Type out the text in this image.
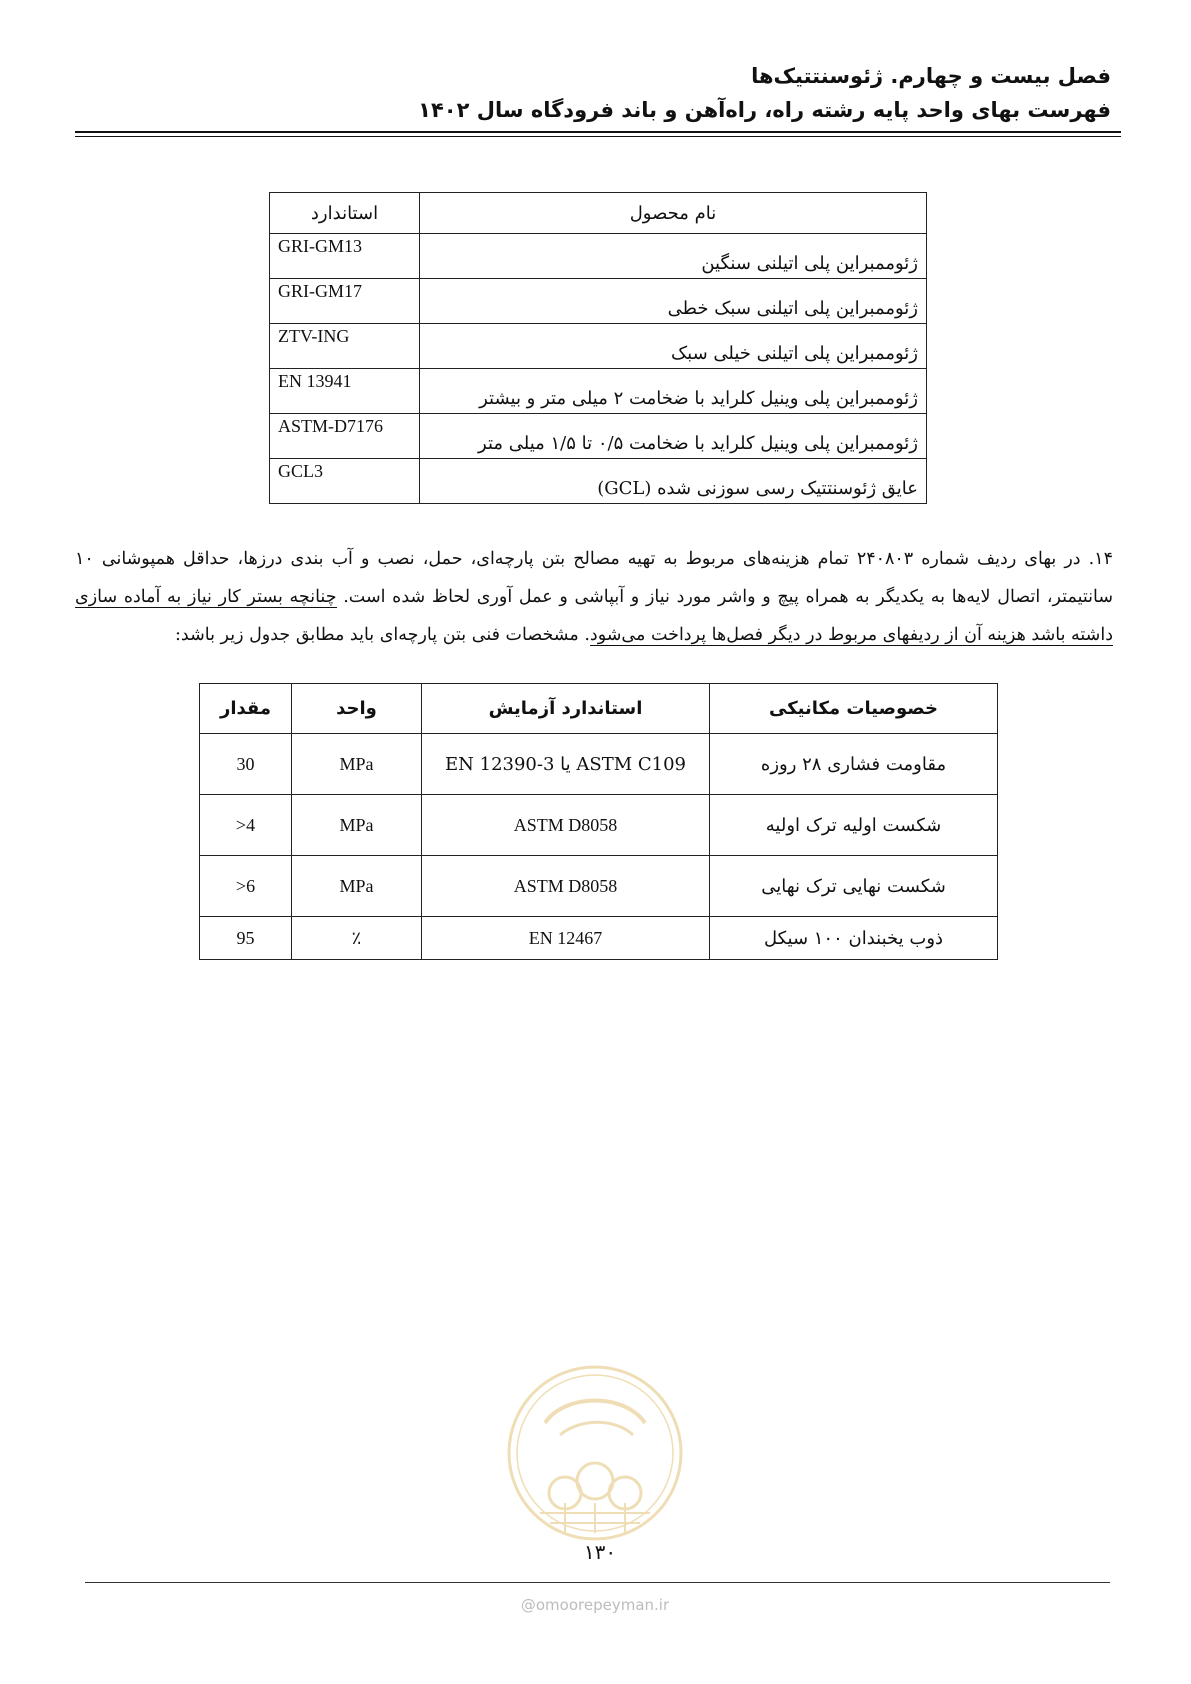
فصل بیست و چهارم. ژئوسنتتیک‌ها
فهرست بهای واحد پایه رشته راه، راه‌آهن و باند فرودگاه سال ۱۴۰۲
نام محصول	استاندارد
ژئوممبراین پلی اتیلنی سنگین	GRI-GM13
ژئوممبراین پلی اتیلنی سبک خطی	GRI-GM17
ژئوممبراین پلی اتیلنی خیلی سبک	ZTV-ING
ژئوممبراین پلی وینیل کلراید با ضخامت ۲ میلی متر و بیشتر	EN 13941
ژئوممبراین پلی وینیل کلراید با ضخامت ۰/۵ تا ۱/۵ میلی متر	ASTM-D7176
عایق ژئوسنتتیک رسی سوزنی شده (GCL)	GCL3

۱۴. در بهای ردیف شماره ۲۴۰۸۰۳ تمام هزینه‌های مربوط به تهیه مصالح بتن پارچه‌ای، حمل، نصب و آب بندی درزها، حداقل همپوشانی ۱۰ سانتیمتر، اتصال لایه‌ها به یکدیگر به همراه پیچ و واشر مورد نیاز و آبپاشی و عمل آوری لحاظ شده است. چنانچه بستر کار نیاز به آماده سازی داشته باشد هزینه آن از ردیفهای مربوط در دیگر فصل‌ها پرداخت می‌شود. مشخصات فنی بتن پارچه‌ای باید مطابق جدول زیر باشد:

خصوصیات مکانیکی	استاندارد آزمایش	واحد	مقدار
مقاومت فشاری ۲۸ روزه	ASTM C109 یا EN 12390-3	MPa	30
شکست اولیه ترک اولیه	ASTM D8058	MPa	>4
شکست نهایی ترک نهایی	ASTM D8058	MPa	>6
ذوب یخبندان ۱۰۰ سیکل	EN 12467	٪	95
۱۳۰
@omoorepeyman.ir
